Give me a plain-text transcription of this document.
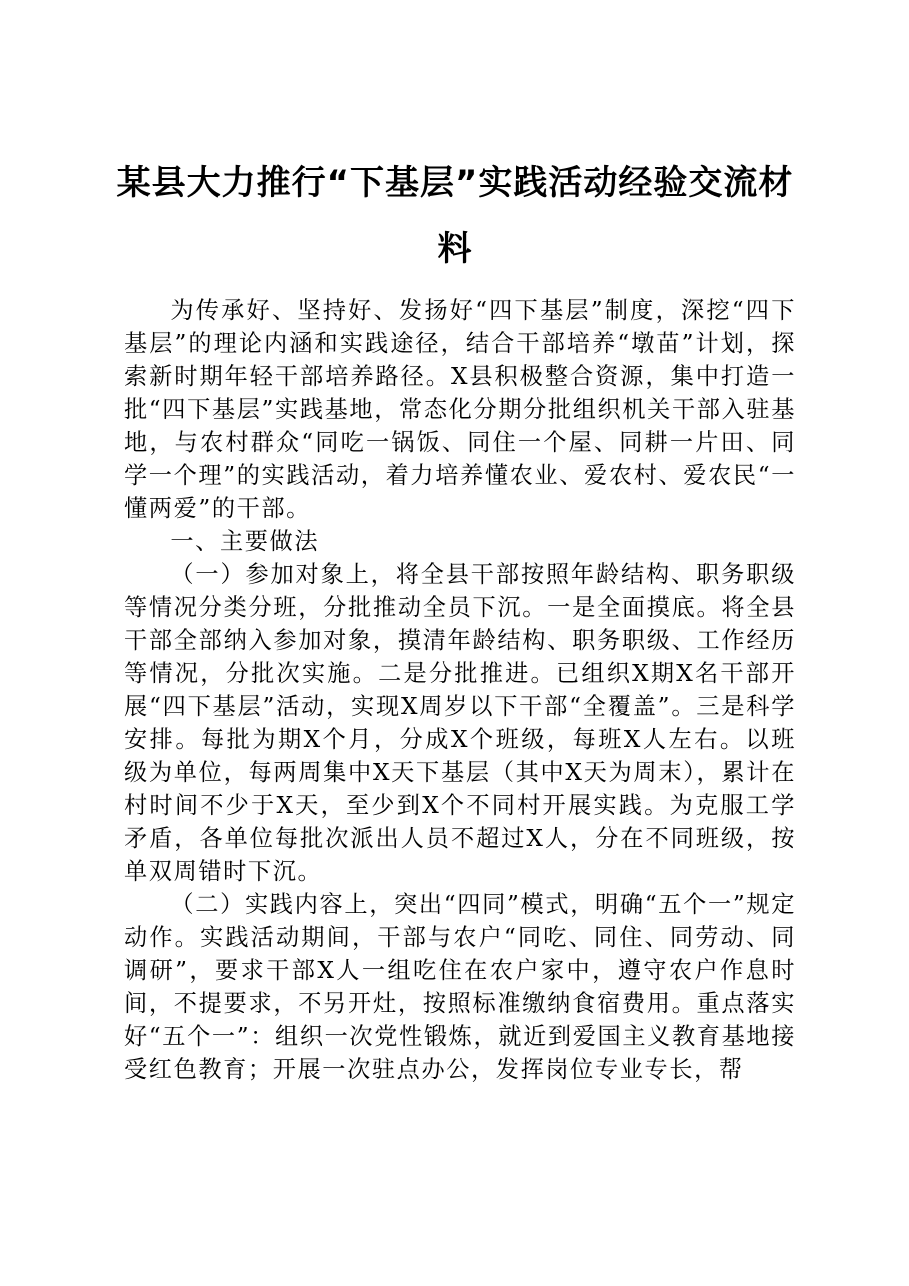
某县大力推行“下基层”实践活动经验交流材料

为传承好、坚持好、发扬好“四下基层”制度，深挖“四下基层”的理论内涵和实践途径，结合干部培养“墩苗”计划，探索新时期年轻干部培养路径。X县积极整合资源，集中打造一批“四下基层”实践基地，常态化分期分批组织机关干部入驻基地，与农村群众“同吃一锅饭、同住一个屋、同耕一片田、同学一个理”的实践活动，着力培养懂农业、爱农村、爱农民“一懂两爱”的干部。

一、主要做法

（一）参加对象上，将全县干部按照年龄结构、职务职级等情况分类分班，分批推动全员下沉。一是全面摸底。将全县干部全部纳入参加对象，摸清年龄结构、职务职级、工作经历等情况，分批次实施。二是分批推进。已组织X期X名干部开展“四下基层”活动，实现X周岁以下干部“全覆盖”。三是科学安排。每批为期X个月，分成X个班级，每班X人左右。以班级为单位，每两周集中X天下基层（其中X天为周末），累计在村时间不少于X天，至少到X个不同村开展实践。为克服工学矛盾，各单位每批次派出人员不超过X人，分在不同班级，按单双周错时下沉。

（二）实践内容上，突出“四同”模式，明确“五个一”规定动作。实践活动期间，干部与农户“同吃、同住、同劳动、同调研”，要求干部X人一组吃住在农户家中，遵守农户作息时间，不提要求，不另开灶，按照标准缴纳食宿费用。重点落实好“五个一”：组织一次党性锻炼，就近到爱国主义教育基地接受红色教育；开展一次驻点办公，发挥岗位专业专长，帮
